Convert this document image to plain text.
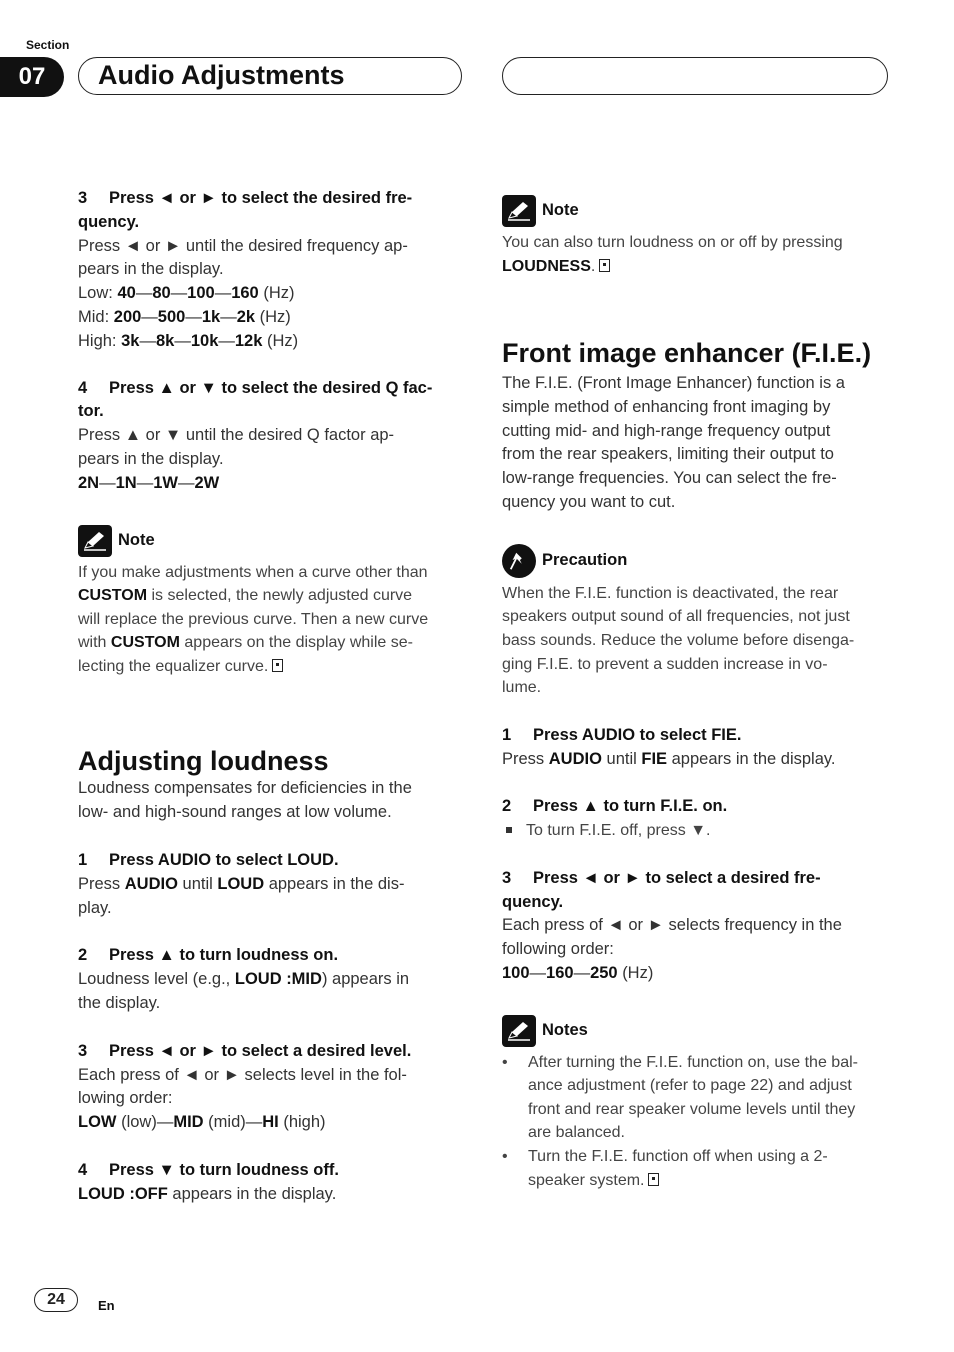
Section
07	Audio Adjustments

3 Press ◄ or ► to select the desired fre-

quency.

Press ◄ or ► until the desired frequency ap-

pears in the display.

Low: 40—80—100—160 (Hz)

Mid: 200—500—1k—2k (Hz)

High: 3k—8k—10k—12k (Hz)

4 Press ▲ or ▼ to select the desired Q fac-

tor.

Press ▲ or ▼ until the desired Q factor ap-

pears in the display.

2N—1N—1W—2W

Note

If you make adjustments when a curve other than

CUSTOM is selected, the newly adjusted curve

will replace the previous curve. Then a new curve

with CUSTOM appears on the display while se-

lecting the equalizer curve.

Adjusting loudness

Loudness compensates for deficiencies in the

low- and high-sound ranges at low volume.

1 Press AUDIO to select LOUD.

Press AUDIO until LOUD appears in the dis-

play.

2 Press ▲ to turn loudness on.

Loudness level (e.g., LOUD :MID) appears in

the display.

3 Press ◄ or ► to select a desired level.

Each press of ◄ or ► selects level in the fol-

lowing order:

LOW (low)—MID (mid)—HI (high)

4 Press ▼ to turn loudness off.

LOUD :OFF appears in the display.

Note

You can also turn loudness on or off by pressing

LOUDNESS.

Front image enhancer (F.I.E.)

The F.I.E. (Front Image Enhancer) function is a

simple method of enhancing front imaging by

cutting mid- and high-range frequency output

from the rear speakers, limiting their output to

low-range frequencies. You can select the fre-

quency you want to cut.

Precaution

When the F.I.E. function is deactivated, the rear

speakers output sound of all frequencies, not just

bass sounds. Reduce the volume before disenga-

ging F.I.E. to prevent a sudden increase in vo-

lume.

1 Press AUDIO to select FIE.

Press AUDIO until FIE appears in the display.

2 Press ▲ to turn F.I.E. on.

To turn F.I.E. off, press ▼.

3 Press ◄ or ► to select a desired fre-

quency.

Each press of ◄ or ► selects frequency in the

following order:

100—160—250 (Hz)

Notes
• After turning the F.I.E. function on, use the bal-
ance adjustment (refer to page 22) and adjust
front and rear speaker volume levels until they
are balanced.
• Turn the F.I.E. function off when using a 2-
speaker system.
24	En
